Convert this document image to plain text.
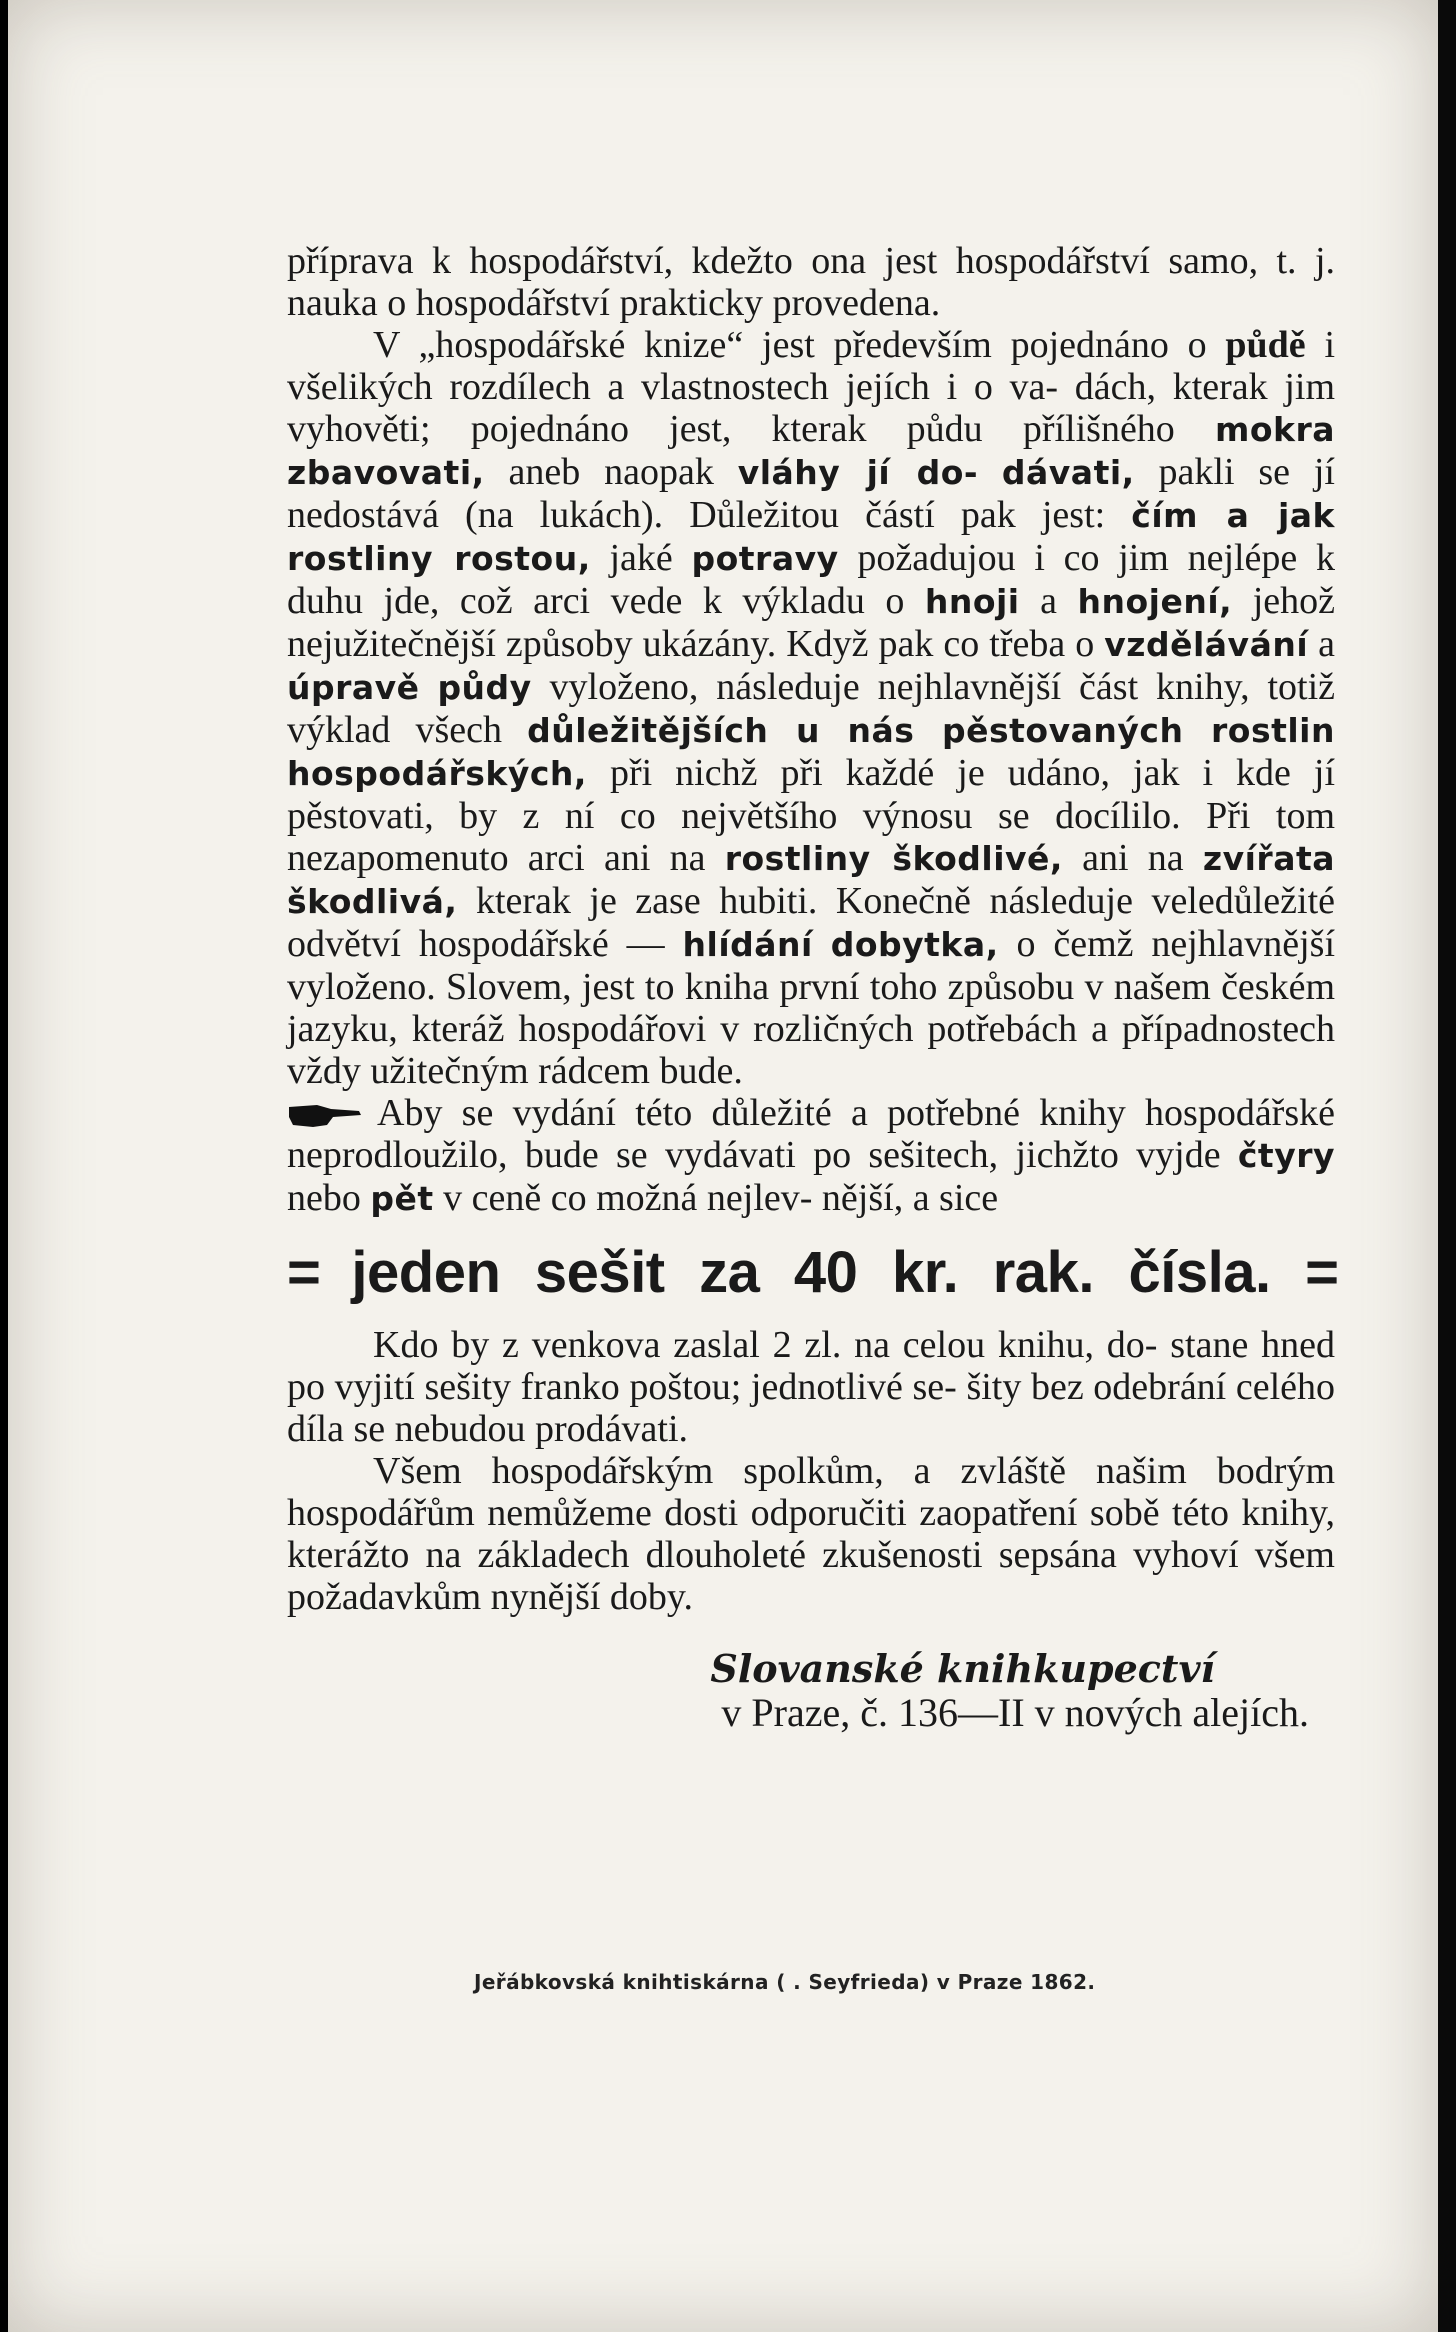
příprava k hospodářství, kdežto ona jest hospodářství samo, t. j. nauka o hospodářství prakticky provedena.

V „hospodářské knize“ jest především pojednáno o půdě i všelikých rozdílech a vlastnostech jejích i o va- dách, kterak jim vyhověti; pojednáno jest, kterak půdu přílišného mokra zbavovati, aneb naopak vláhy jí do- dávati, pakli se jí nedostává (na lukách). Důležitou částí pak jest: čím a jak rostliny rostou, jaké potravy požadujou i co jim nejlépe k duhu jde, což arci vede k výkladu o hnoji a hnojení, jehož nejužitečnější způsoby ukázány. Když pak co třeba o vzdělávání a úpravě půdy vyloženo, následuje nejhlavnější část knihy, totiž výklad všech důležitějších u nás pěstovaných rostlin hospodářských, při nichž při každé je udáno, jak i kde jí pěstovati, by z ní co největšího výnosu se docílilo. Při tom nezapomenuto arci ani na rostliny škodlivé, ani na zvířata škodlivá, kterak je zase hubiti. Konečně následuje veledůležité odvětví hospodářské — hlídání dobytka, o čemž nejhlavnější vyloženo. Slovem, jest to kniha první toho způsobu v našem českém jazyku, kteráž hospodářovi v rozličných potřebách a případnostech vždy užitečným rádcem bude.

Aby se vydání této důležité a potřebné knihy hospodářské neprodloužilo, bude se vydávati po sešitech, jichžto vyjde čtyry nebo pět v ceně co možná nejlev- nější, a sice

= jeden sešit za 40 kr. rak. čísla. =

Kdo by z venkova zaslal 2 zl. na celou knihu, do- stane hned po vyjití sešity franko poštou; jednotlivé se- šity bez odebrání celého díla se nebudou prodávati.

Všem hospodářským spolkům, a zvláště našim bodrým hospodářům nemůžeme dosti odporučiti zaopatření sobě této knihy, kterážto na základech dlouholeté zkušenosti sepsána vyhoví všem požadavkům nynější doby.

Slovanské knihkupectví
v Praze, č. 136—II v nových alejích.
Jeřábkovská knihtiskárna ( . Seyfrieda) v Praze 1862.
